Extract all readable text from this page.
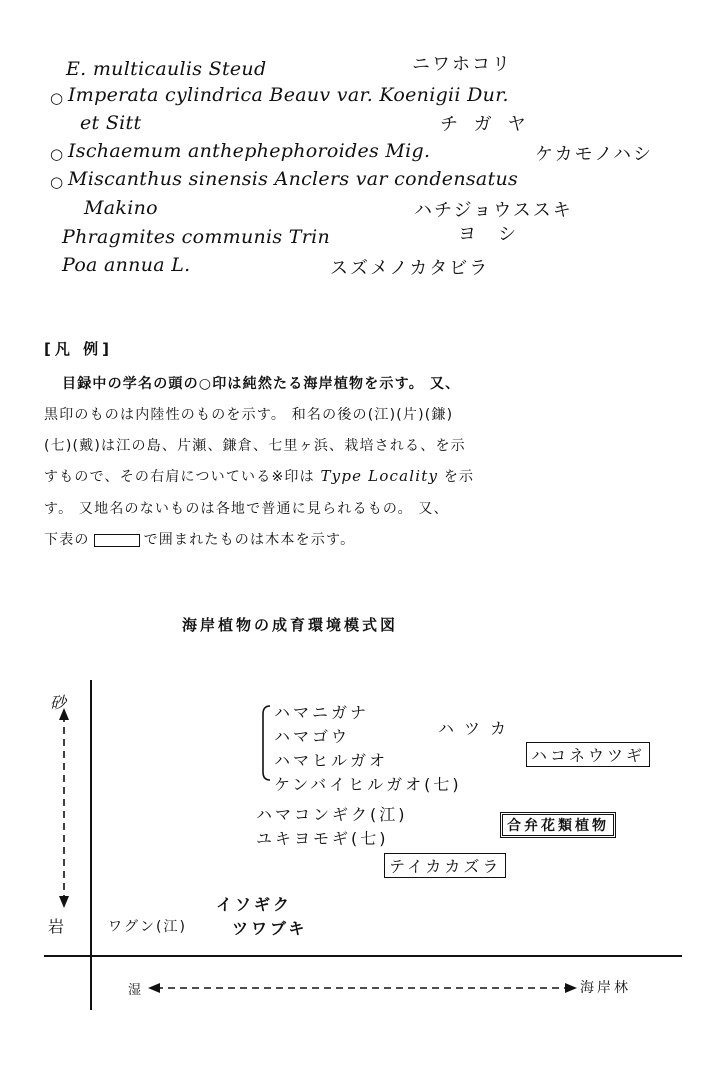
E. multicaulis Steud	ニワホコリ
○ Imperata cylindrica Beauv var. Koenigii Dur.
et Sitt	チガヤ
○ Ischaemum anthephephoroides Mig.	ケカモノハシ
○ Miscanthus sinensis Anclers var condensatus
Makino	ハチジョウススキ
Phragmites communis Trin	ヨシ
Poa annua L.	スズメノカタビラ
[凡 例]
目録中の学名の頭の○印は純然たる海岸植物を示す。 又、
黒印のものは内陸性のものを示す。 和名の後の(江)(片)(鎌)
(七)(戴)は江の島、片瀬、鎌倉、七里ヶ浜、栽培される、を示
すもので、その右肩についている※印は Type Locality を示
す。 又地名のないものは各地で普通に見られるもの。 又、
下表の	で囲まれたものは木本を示す。
海岸植物の成育環境模式図
砂
岩
湿	海岸林
ハマニガナ
ハマゴウ
ハマヒルガオ
ケンバイヒルガオ(七)
ハツカ
ハコネウツギ
ハマコンギク(江)
ユキヨモギ(七)
合弁花類植物
テイカカズラ
イソギク
ワグン(江)	ツワブキ
